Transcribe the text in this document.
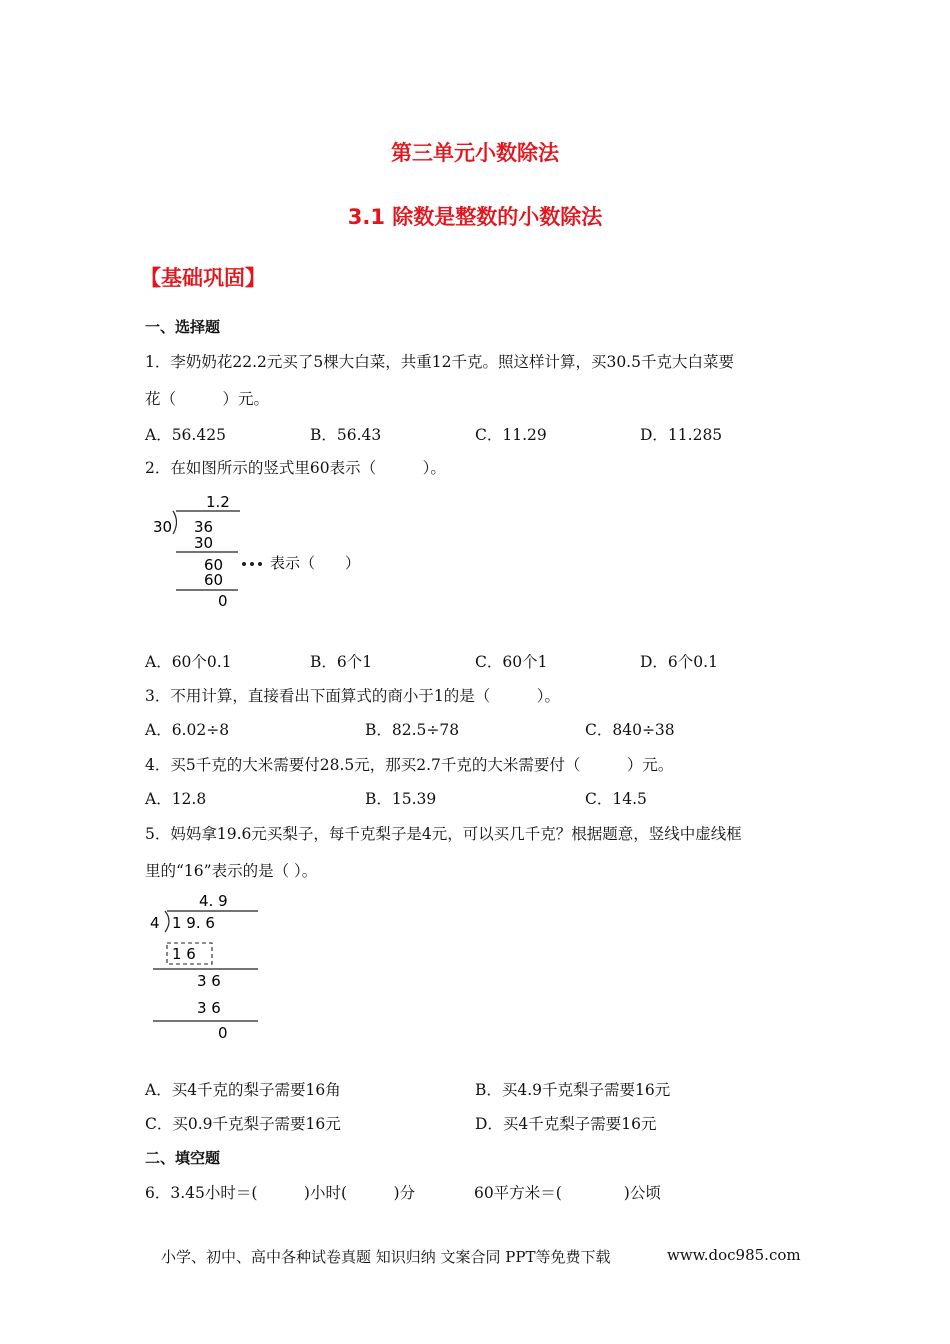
第三单元小数除法
3.1 除数是整数的小数除法
【基础巩固】
一、选择题
1．李奶奶花22.2元买了5棵大白菜，共重12千克。照这样计算，买30.5千克大白菜要
花（　　　）元。
A．56.425	B．56.43	C．11.29	D．11.285
2．在如图所示的竖式里60表示（　　　）。
1.2
30 36
30
60	表示（　　）
60
0
A．60个0.1	B．6个1	C．60个1	D．6个0.1
3．不用计算，直接看出下面算式的商小于1的是（　　　）。
A．6.02÷8	B．82.5÷78	C．840÷38
4．买5千克的大米需要付28.5元，那买2.7千克的大米需要付（　　　）元。
A．12.8	B．15.39	C．14.5
5．妈妈拿19.6元买梨子，每千克梨子是4元，可以买几千克？根据题意，竖线中虚线框
里的“16”表示的是（ ）。
4. 9
4 1 9. 6
1 6
3 6
3 6
0
A．买4千克的梨子需要16角	B．买4.9千克梨子需要16元
C．买0.9千克梨子需要16元	D．买4千克梨子需要16元
二、填空题
6．3.45小时＝(　　　)小时(　　　)分	60平方米＝(　　　　)公顷
小学、初中、高中各种试卷真题 知识归纳 文案合同 PPT等免费下载	www.doc985.com
